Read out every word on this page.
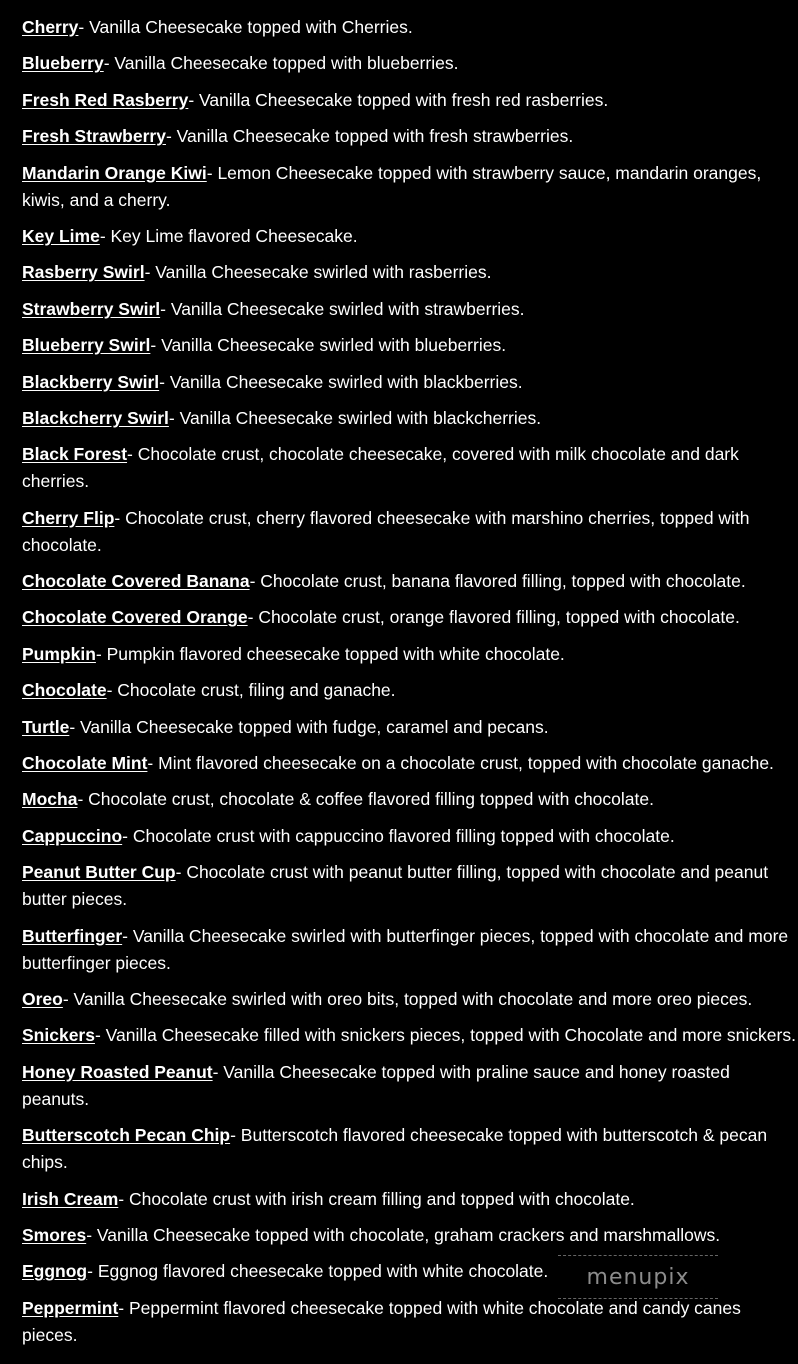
Cherry- Vanilla Cheesecake topped with Cherries.
Blueberry- Vanilla Cheesecake topped with blueberries.
Fresh Red Rasberry- Vanilla Cheesecake topped with fresh red rasberries.
Fresh Strawberry- Vanilla Cheesecake topped with fresh strawberries.
Mandarin Orange Kiwi- Lemon Cheesecake topped with strawberry sauce, mandarin oranges,
kiwis, and a cherry.
Key Lime- Key Lime flavored Cheesecake.
Rasberry Swirl- Vanilla Cheesecake swirled with rasberries.
Strawberry Swirl- Vanilla Cheesecake swirled with strawberries.
Blueberry Swirl- Vanilla Cheesecake swirled with blueberries.
Blackberry Swirl- Vanilla Cheesecake swirled with blackberries.
Blackcherry Swirl- Vanilla Cheesecake swirled with blackcherries.
Black Forest- Chocolate crust, chocolate cheesecake, covered with milk chocolate and dark
cherries.
Cherry Flip- Chocolate crust, cherry flavored cheesecake with marshino cherries, topped with
chocolate.
Chocolate Covered Banana- Chocolate crust, banana flavored filling, topped with chocolate.
Chocolate Covered Orange- Chocolate crust, orange flavored filling, topped with chocolate.
Pumpkin- Pumpkin flavored cheesecake topped with white chocolate.
Chocolate- Chocolate crust, filing and ganache.
Turtle- Vanilla Cheesecake topped with fudge, caramel and pecans.
Chocolate Mint- Mint flavored cheesecake on a chocolate crust, topped with chocolate ganache.
Mocha- Chocolate crust, chocolate & coffee flavored filling topped with chocolate.
Cappuccino- Chocolate crust with cappuccino flavored filling topped with chocolate.
Peanut Butter Cup- Chocolate crust with peanut butter filling, topped with chocolate and peanut
butter pieces.
Butterfinger- Vanilla Cheesecake swirled with butterfinger pieces, topped with chocolate and more
butterfinger pieces.
Oreo- Vanilla Cheesecake swirled with oreo bits, topped with chocolate and more oreo pieces.
Snickers- Vanilla Cheesecake filled with snickers pieces, topped with Chocolate and more snickers.
Honey Roasted Peanut- Vanilla Cheesecake topped with praline sauce and honey roasted
peanuts.
Butterscotch Pecan Chip- Butterscotch flavored cheesecake topped with butterscotch & pecan
chips.
Irish Cream- Chocolate crust with irish cream filling and topped with chocolate.
Smores- Vanilla Cheesecake topped with chocolate, graham crackers and marshmallows.
Eggnog- Eggnog flavored cheesecake topped with white chocolate.
Peppermint- Peppermint flavored cheesecake topped with white chocolate and candy canes
pieces.
menupix
